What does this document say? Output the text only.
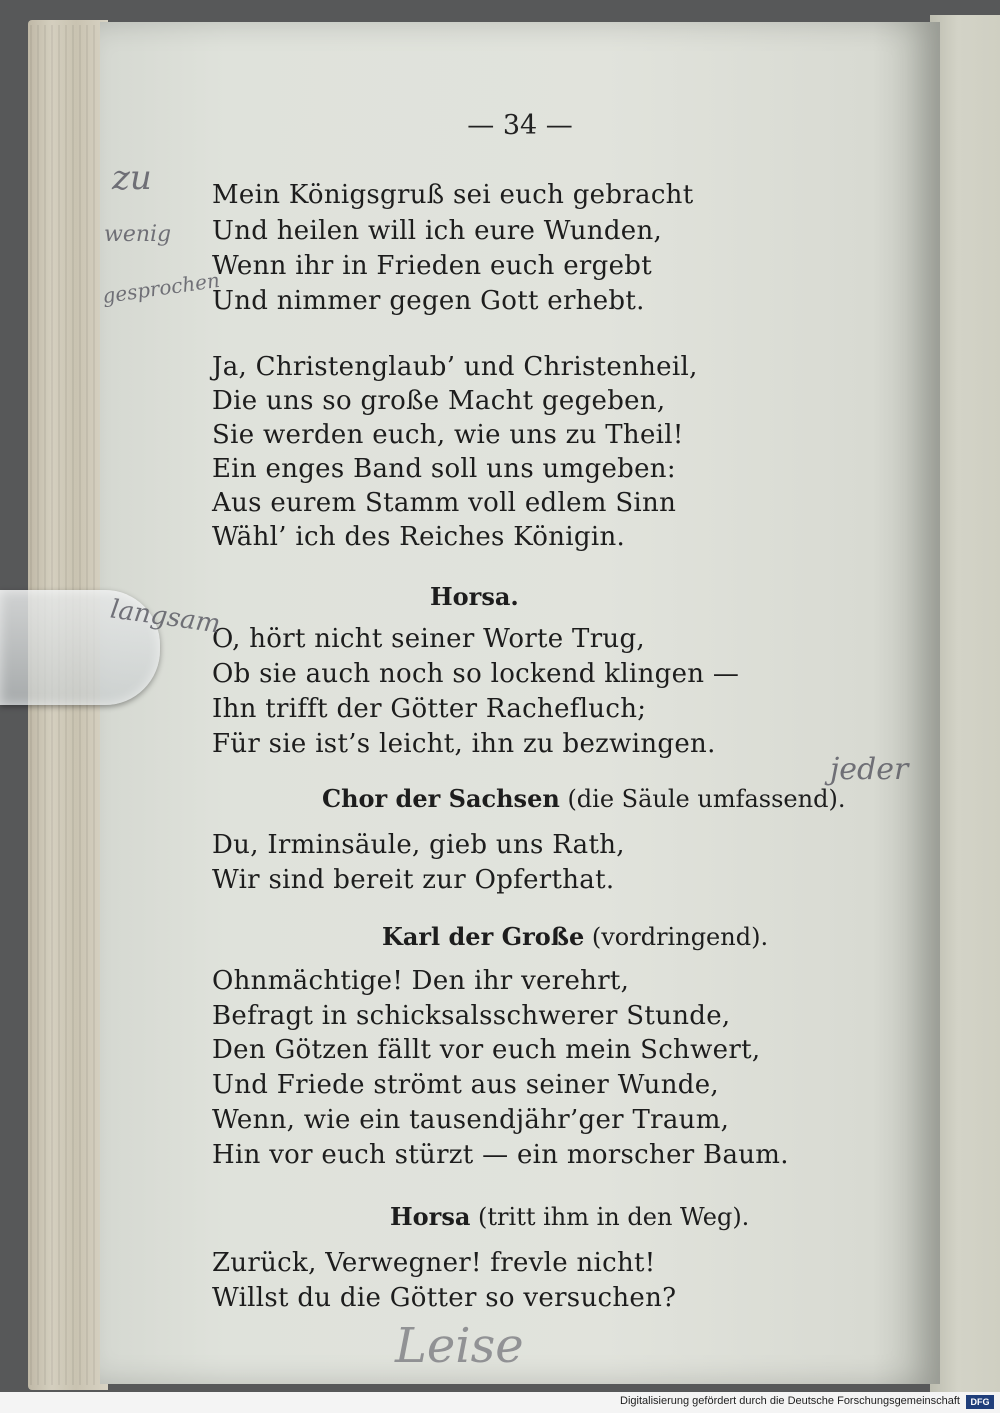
— 34 —

Mein Königsgruß sei euch gebracht

Und heilen will ich eure Wunden,

Wenn ihr in Frieden euch ergebt

Und nimmer gegen Gott erhebt.

Ja, Christenglaub’ und Christenheil,

Die uns so große Macht gegeben,

Sie werden euch, wie uns zu Theil!

Ein enges Band soll uns umgeben:

Aus eurem Stamm voll edlem Sinn

Wähl’ ich des Reiches Königin.

Horsa.

O, hört nicht seiner Worte Trug,

Ob sie auch noch so lockend klingen —

Ihn trifft der Götter Rachefluch;

Für sie ist’s leicht, ihn zu bezwingen.

Chor der Sachsen (die Säule umfassend).

Du, Irminsäule, gieb uns Rath,

Wir sind bereit zur Opferthat.

Karl der Große (vordringend).

Ohnmächtige! Den ihr verehrt,

Befragt in schicksalsschwerer Stunde,

Den Götzen fällt vor euch mein Schwert,

Und Friede strömt aus seiner Wunde,

Wenn, wie ein tausendjähr’ger Traum,

Hin vor euch stürzt — ein morscher Baum.

Horsa (tritt ihm in den Weg).

Zurück, Verwegner! frevle nicht!

Willst du die Götter so versuchen?

zu
wenig
gesprochen
langsam
jeder
Leise
Digitalisierung gefördert durch die Deutsche Forschungsgemeinschaft	DFG
